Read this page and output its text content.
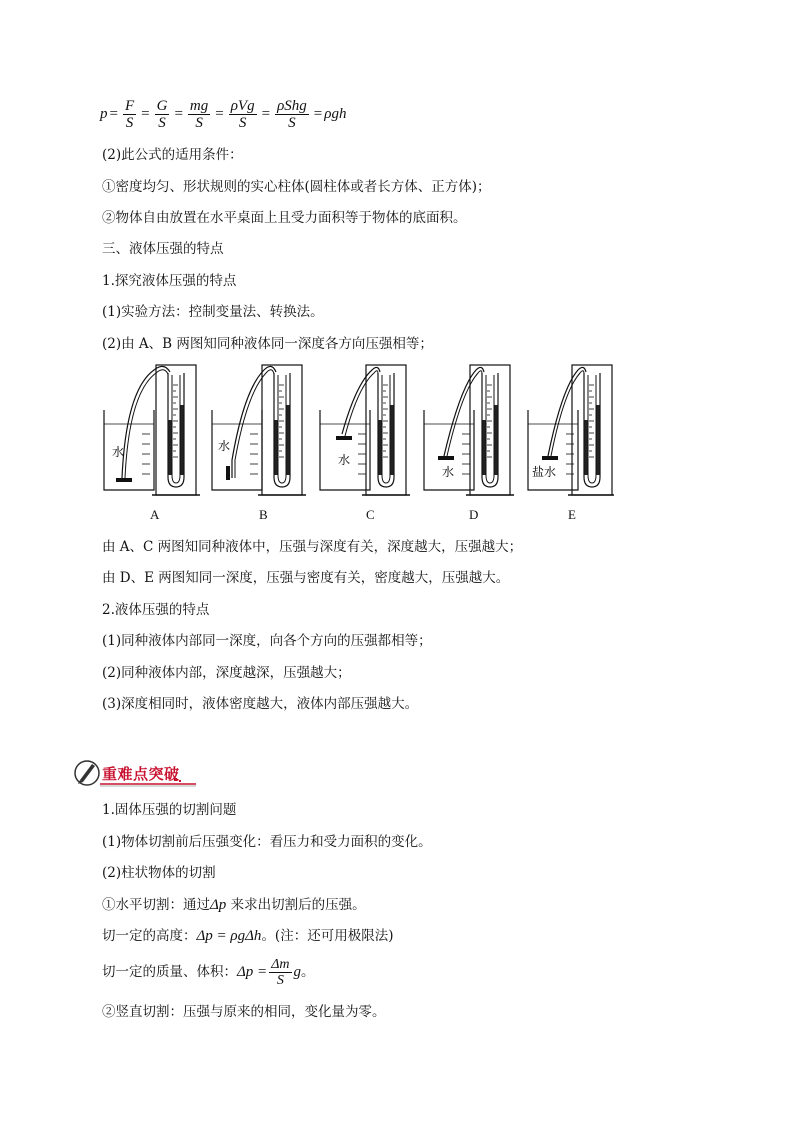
$p = \frac{F}{S} = \frac{G}{S} = \frac{mg}{S} = \frac{\text{ρVg}}{S} = \frac{\text{ρShg}}{S} = \rho gh$
(2)此公式的适用条件：
①密度均匀、形状规则的实心柱体(圆柱体或者长方体、正方体)；
②物体自由放置在水平桌面上且受力面积等于物体的底面积。
三、液体压强的特点
1.探究液体压强的特点
(1)实验方法：控制变量法、转换法。
(2)由 A、B 两图知同种液体同一深度各方向压强相等；
水	水
水
水	盐水
A	B	C	D	E
由 A、C 两图知同种液体中，压强与深度有关，深度越大，压强越大；
由 D、E 两图知同一深度，压强与密度有关，密度越大，压强越大。
2.液体压强的特点
(1)同种液体内部同一深度，向各个方向的压强都相等；
(2)同种液体内部，深度越深，压强越大；
(3)深度相同时，液体密度越大，液体内部压强越大。
重难点突破
1.固体压强的切割问题
(1)物体切割前后压强变化：看压力和受力面积的变化。
(2)柱状物体的切割
①水平切割：通过Δp 来求出切割后的压强。
切一定的高度：Δp = ρgΔh。(注：还可用极限法)
切一定的质量、体积： $\Delta p = \frac{\Delta m}{S}$ g 。
②竖直切割：压强与原来的相同，变化量为零。
